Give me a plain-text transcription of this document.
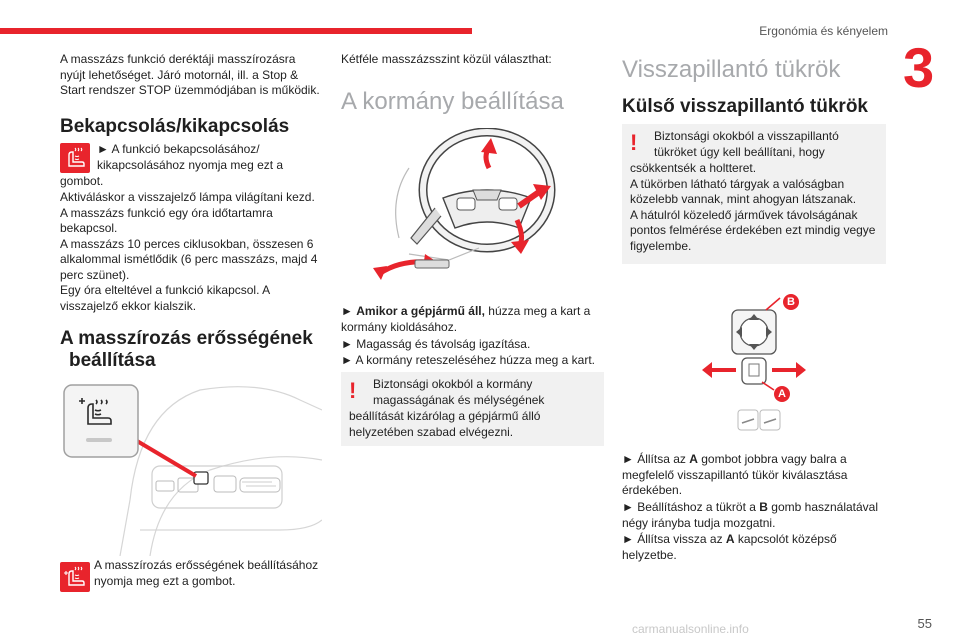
Ergonómia és kényelem
3

A masszázs funkció deréktáji masszírozásra nyújt lehetőséget. Járó motornál, ill. a Stop & Start rendszer STOP üzemmódjában is működik.

Bekapcsolás/kikapcsolás

► A funkció bekapcsolásához/

kikapcsolásához nyomja meg ezt a

gombot.

Aktiváláskor a visszajelző lámpa világítani kezd. A masszázs funkció egy óra időtartamra bekapcsol.
A masszázs 10 perces ciklusokban, összesen 6 alkalommal ismétlődik (6 perc masszázs, majd 4 perc szünet).
Egy óra elteltével a funkció kikapcsol. A visszajelző ekkor kialszik.

A masszírozás erősségének
beállítása

A masszírozás erősségének beállításához

nyomja meg ezt a gombot.

Kétféle masszázsszint közül választhat:

A kormány beállítása

► Amikor a gépjármű áll, húzza meg a kart a kormány kioldásához.

► Magasság és távolság igazítása.

► A kormány reteszeléséhez húzza meg a kart.

! Biztonsági okokból a kormány

magasságának és mélységének

beállítását kizárólag a gépjármű álló helyzetében szabad elvégezni.

Visszapillantó tükrök
Külső visszapillantó tükrök
! Biztonsági okokból a visszapillantó

tükröket úgy kell beállítani, hogy

csökkentsék a holtteret.
A tükörben látható tárgyak a valóságban közelebb vannak, mint ahogyan látszanak.
A hátulról közeledő járművek távolságának pontos felmérése érdekében ezt mindig vegye figyelembe.

B
A

► Állítsa az A gombot jobbra vagy balra a megfelelő visszapillantó tükör kiválasztása érdekében.

► Beállításhoz a tükröt a B gomb használatával négy irányba tudja mozgatni.

► Állítsa vissza az A kapcsolót középső helyzetbe.

carmanualsonline.info	55
